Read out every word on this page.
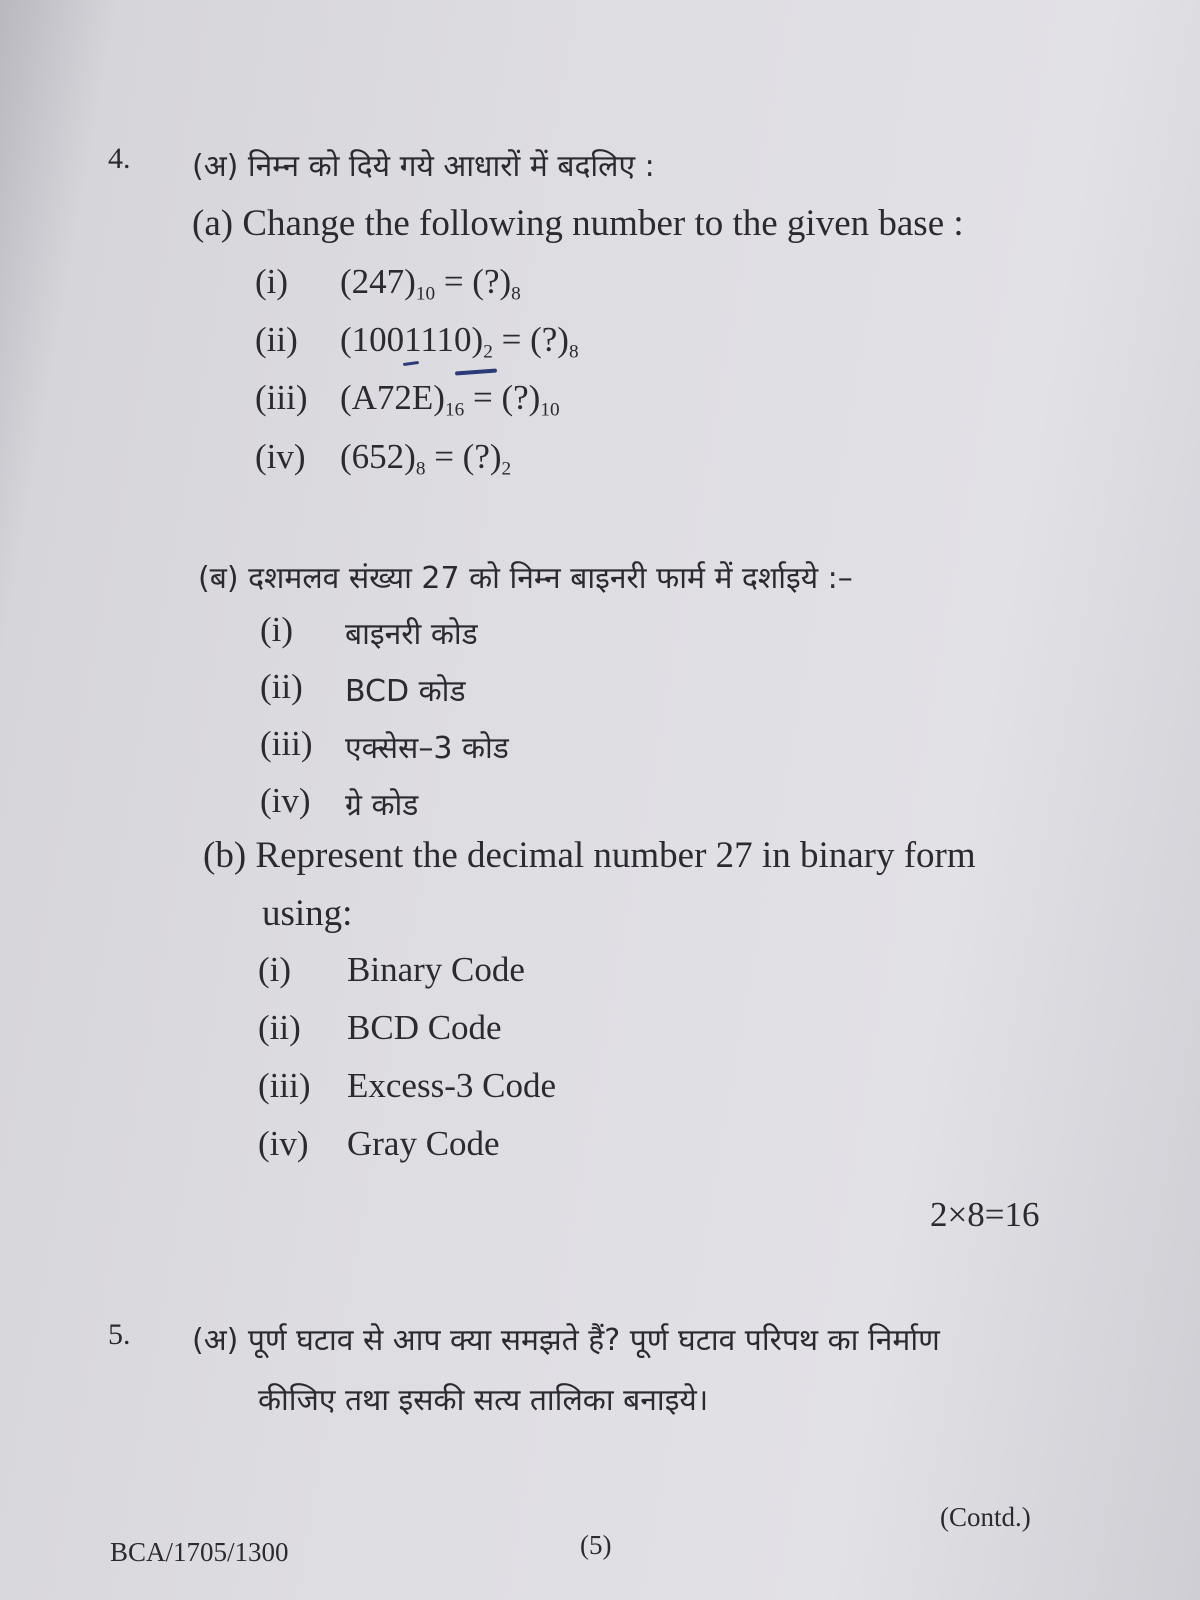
4. (अ) निम्न को दिये गये आधारों में बदलिए :
(a) Change the following number to the given base :
(i) $(247)_{10}$ = $(?)_8$
(ii) $(1001110)_2$ = $(?)_8$
(iii) $(A72E)_{16}$ = $(?)_{10}$
(iv) $(652)_8$ = $(?)_2$
(ब) दशमलव संख्या 27 को निम्न बाइनरी फार्म में दर्शाइये :–
(i) बाइनरी कोड
(ii) BCD कोड
(iii) एक्सेस–3 कोड
(iv) ग्रे कोड
(b) Represent the decimal number 27 in binary form
using:
(i) Binary Code
(ii) BCD Code
(iii) Excess-3 Code
(iv) Gray Code
2×8=16
5. (अ) पूर्ण घटाव से आप क्या समझते हैं? पूर्ण घटाव परिपथ का निर्माण
कीजिए तथा इसकी सत्य तालिका बनाइये।
(Contd.)
BCA/1705/1300	(5)
